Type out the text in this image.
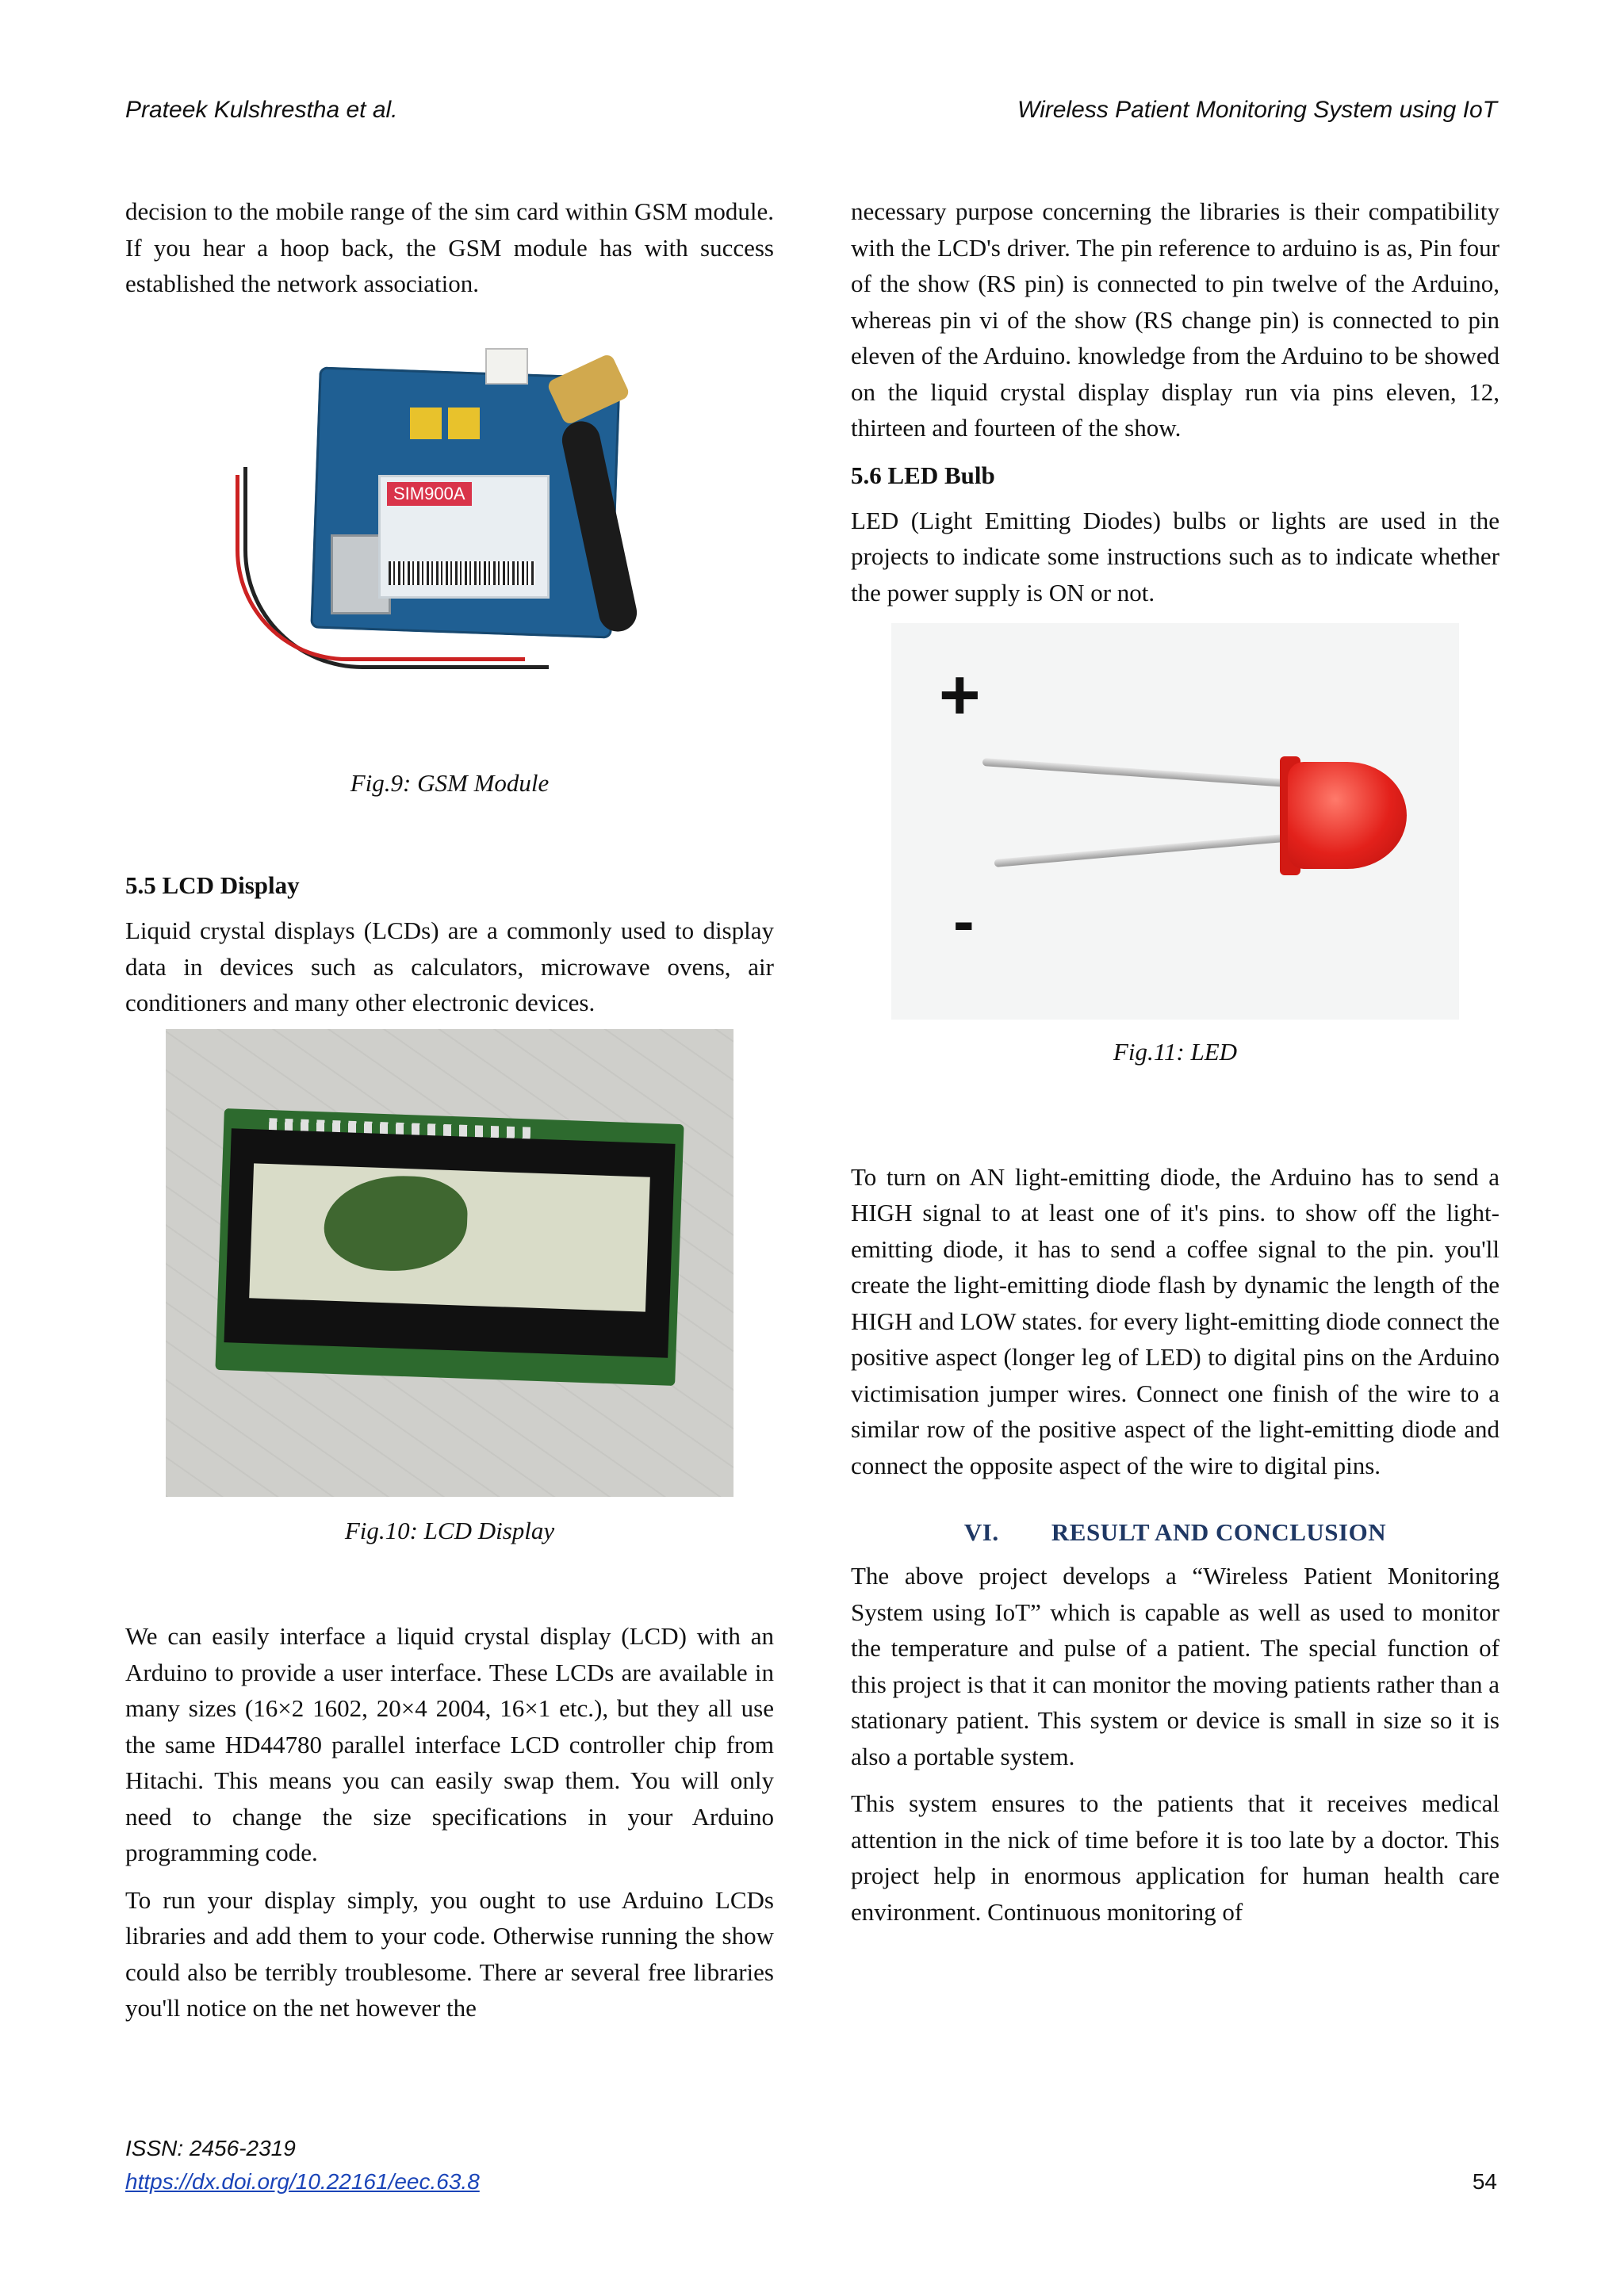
Prateek Kulshrestha et al.	Wireless Patient Monitoring System using IoT

decision to the mobile range of the sim card within GSM module. If you hear a hoop back, the GSM module has with success established the network association.

SIM900A

Fig.9: GSM Module

5.5 LCD Display

Liquid crystal displays (LCDs) are a commonly used to display data in devices such as calculators, microwave ovens, air conditioners and many other electronic devices.

Fig.10: LCD Display

We can easily interface a liquid crystal display (LCD) with an Arduino to provide a user interface. These LCDs are available in many sizes (16×2 1602, 20×4 2004, 16×1 etc.), but they all use the same HD44780 parallel interface LCD controller chip from Hitachi. This means you can easily swap them. You will only need to change the size specifications in your Arduino programming code.

To run your display simply, you ought to use Arduino LCDs libraries and add them to your code. Otherwise running the show could also be terribly troublesome. There ar several free libraries you'll notice on the net however the

necessary purpose concerning the libraries is their compatibility with the LCD's driver. The pin reference to arduino is as, Pin four of the show (RS pin) is connected to pin twelve of the Arduino, whereas pin vi of the show (RS change pin) is connected to pin eleven of the Arduino. knowledge from the Arduino to be showed on the liquid crystal display display run via pins eleven, 12, thirteen and fourteen of the show.

5.6 LED Bulb

LED (Light Emitting Diodes) bulbs or lights are used in the projects to indicate some instructions such as to indicate whether the power supply is ON or not.

+
-

Fig.11: LED

To turn on AN light-emitting diode, the Arduino has to send a HIGH signal to at least one of it's pins. to show off the light-emitting diode, it has to send a coffee signal to the pin. you'll create the light-emitting diode flash by dynamic the length of the HIGH and LOW states. for every light-emitting diode connect the positive aspect (longer leg of LED) to digital pins on the Arduino victimisation jumper wires. Connect one finish of the wire to a similar row of the positive aspect of the light-emitting diode and connect the opposite aspect of the wire to digital pins.

VI. RESULT AND CONCLUSION

The above project develops a “Wireless Patient Monitoring System using IoT” which is capable as well as used to monitor the temperature and pulse of a patient. The special function of this project is that it can monitor the moving patients rather than a stationary patient. This system or device is small in size so it is also a portable system.

This system ensures to the patients that it receives medical attention in the nick of time before it is too late by a doctor. This project help in enormous application for human health care environment. Continuous monitoring of

ISSN: 2456-2319
https://dx.doi.org/10.22161/eec.63.8	54
